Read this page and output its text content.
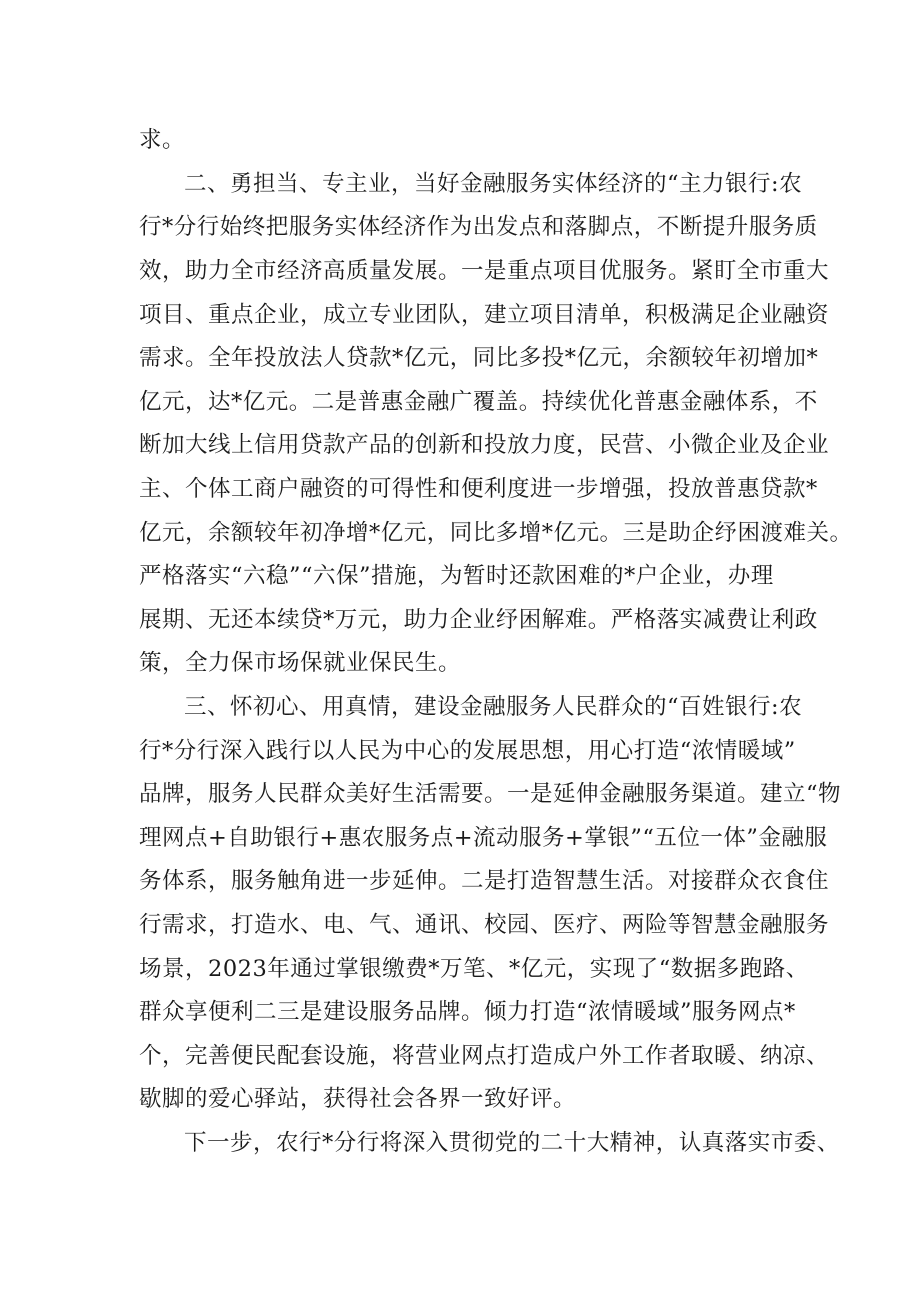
求。
二、勇担当、专主业，当好金融服务实体经济的“主力银行:农
行*分行始终把服务实体经济作为出发点和落脚点，不断提升服务质
效，助力全市经济高质量发展。一是重点项目优服务。紧盯全市重大
项目、重点企业，成立专业团队，建立项目清单，积极满足企业融资
需求。全年投放法人贷款*亿元，同比多投*亿元，余额较年初增加*
亿元，达*亿元。二是普惠金融广覆盖。持续优化普惠金融体系，不
断加大线上信用贷款产品的创新和投放力度，民营、小微企业及企业
主、个体工商户融资的可得性和便利度进一步增强，投放普惠贷款*
亿元，余额较年初净增*亿元，同比多增*亿元。三是助企纾困渡难关。
严格落实“六稳”“六保”措施，为暂时还款困难的*户企业，办理
展期、无还本续贷*万元，助力企业纾困解难。严格落实减费让利政
策，全力保市场保就业保民生。
三、怀初心、用真情，建设金融服务人民群众的“百姓银行:农
行*分行深入践行以人民为中心的发展思想，用心打造“浓情暖域”
品牌，服务人民群众美好生活需要。一是延伸金融服务渠道。建立“物
理网点+自助银行+惠农服务点+流动服务+掌银”“五位一体”金融服
务体系，服务触角进一步延伸。二是打造智慧生活。对接群众衣食住
行需求，打造水、电、气、通讯、校园、医疗、两险等智慧金融服务
场景，2023年通过掌银缴费*万笔、*亿元，实现了“数据多跑路、
群众享便利二三是建设服务品牌。倾力打造“浓情暖域”服务网点*
个，完善便民配套设施，将营业网点打造成户外工作者取暖、纳凉、
歇脚的爱心驿站，获得社会各界一致好评。
下一步，农行*分行将深入贯彻党的二十大精神，认真落实市委、
